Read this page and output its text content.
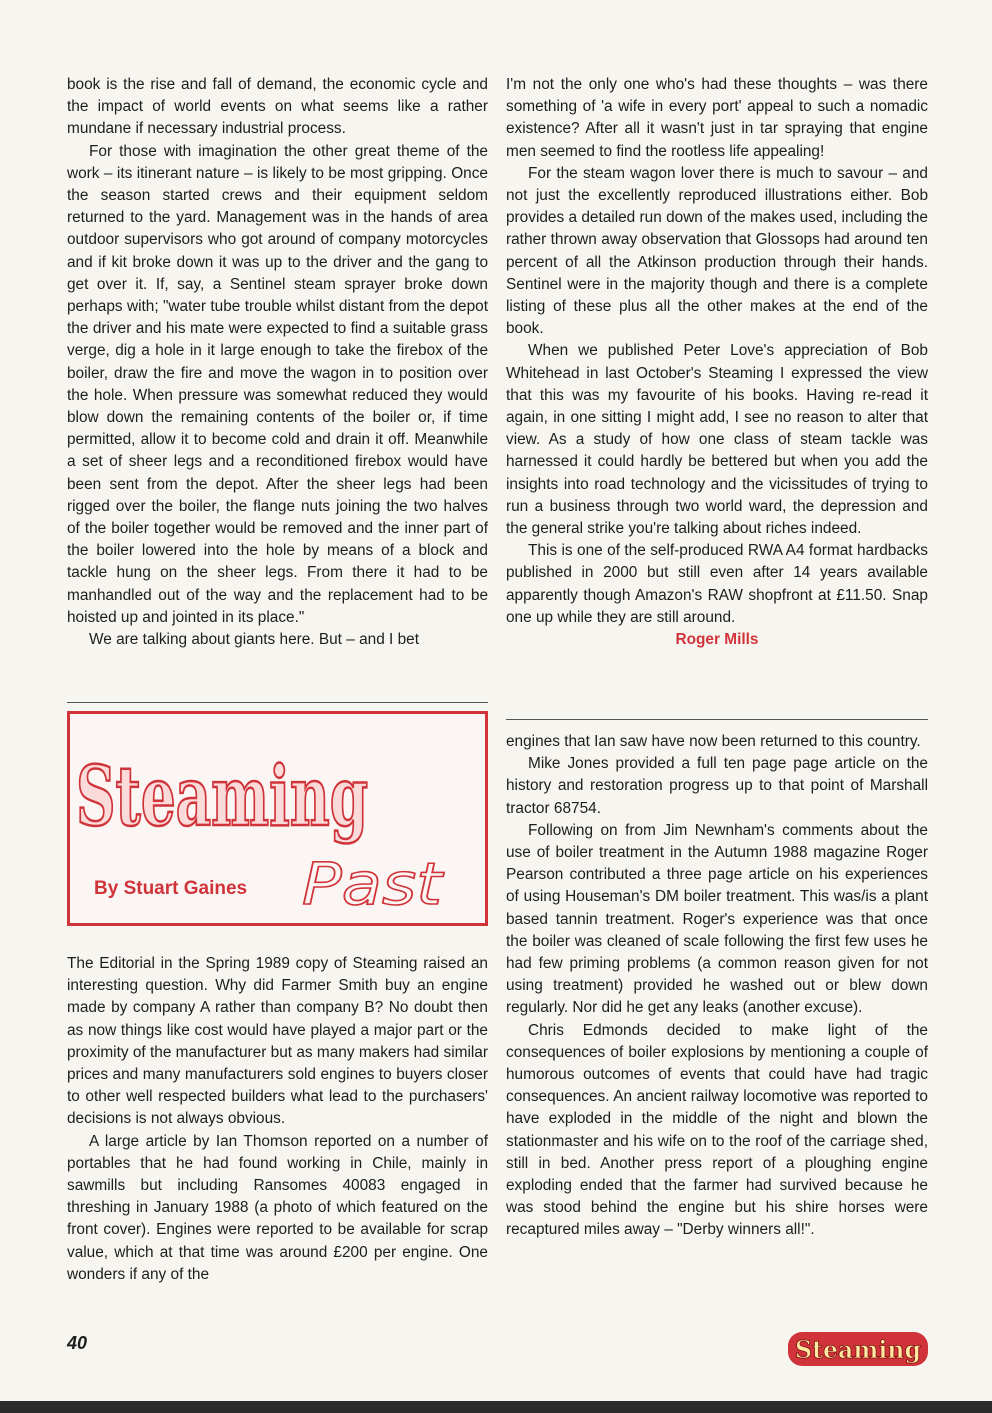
book is the rise and fall of demand, the economic cycle and the impact of world events on what seems like a rather mundane if necessary industrial process.

For those with imagination the other great theme of the work – its itinerant nature – is likely to be most gripping. Once the season started crews and their equipment seldom returned to the yard. Management was in the hands of area outdoor supervisors who got around of company motorcycles and if kit broke down it was up to the driver and the gang to get over it. If, say, a Sentinel steam sprayer broke down perhaps with; "water tube trouble whilst distant from the depot the driver and his mate were expected to find a suitable grass verge, dig a hole in it large enough to take the firebox of the boiler, draw the fire and move the wagon in to position over the hole. When pressure was somewhat reduced they would blow down the remaining contents of the boiler or, if time permitted, allow it to become cold and drain it off. Meanwhile a set of sheer legs and a reconditioned firebox would have been sent from the depot. After the sheer legs had been rigged over the boiler, the flange nuts joining the two halves of the boiler together would be removed and the inner part of the boiler lowered into the hole by means of a block and tackle hung on the sheer legs. From there it had to be manhandled out of the way and the replacement had to be hoisted up and jointed in its place."

We are talking about giants here. But – and I bet

I'm not the only one who's had these thoughts – was there something of 'a wife in every port' appeal to such a nomadic existence? After all it wasn't just in tar spraying that engine men seemed to find the rootless life appealing!

For the steam wagon lover there is much to savour – and not just the excellently reproduced illustrations either. Bob provides a detailed run down of the makes used, including the rather thrown away observation that Glossops had around ten percent of all the Atkinson production through their hands. Sentinel were in the majority though and there is a complete listing of these plus all the other makes at the end of the book.

When we published Peter Love's appreciation of Bob Whitehead in last October's Steaming I expressed the view that this was my favourite of his books. Having re-read it again, in one sitting I might add, I see no reason to alter that view. As a study of how one class of steam tackle was harnessed it could hardly be bettered but when you add the insights into road technology and the vicissitudes of trying to run a business through two world ward, the depression and the general strike you're talking about riches indeed.

This is one of the self-produced RWA A4 format hardbacks published in 2000 but still even after 14 years available apparently though Amazon's RAW shopfront at £11.50. Snap one up while they are still around.

Roger Mills
Steaming
By Stuart Gaines Past

The Editorial in the Spring 1989 copy of Steaming raised an interesting question. Why did Farmer Smith buy an engine made by company A rather than company B? No doubt then as now things like cost would have played a major part or the proximity of the manufacturer but as many makers had similar prices and many manufacturers sold engines to buyers closer to other well respected builders what lead to the purchasers' decisions is not always obvious.

A large article by Ian Thomson reported on a number of portables that he had found working in Chile, mainly in sawmills but including Ransomes 40083 engaged in threshing in January 1988 (a photo of which featured on the front cover). Engines were reported to be available for scrap value, which at that time was around £200 per engine. One wonders if any of the

engines that Ian saw have now been returned to this country.

Mike Jones provided a full ten page page article on the history and restoration progress up to that point of Marshall tractor 68754.

Following on from Jim Newnham's comments about the use of boiler treatment in the Autumn 1988 magazine Roger Pearson contributed a three page article on his experiences of using Houseman's DM boiler treatment. This was/is a plant based tannin treatment. Roger's experience was that once the boiler was cleaned of scale following the first few uses he had few priming problems (a common reason given for not using treatment) provided he washed out or blew down regularly. Nor did he get any leaks (another excuse).

Chris Edmonds decided to make light of the consequences of boiler explosions by mentioning a couple of humorous outcomes of events that could have had tragic consequences. An ancient railway locomotive was reported to have exploded in the middle of the night and blown the stationmaster and his wife on to the roof of the carriage shed, still in bed. Another press report of a ploughing engine exploding ended that the farmer had survived because he was stood behind the engine but his shire horses were recaptured miles away – "Derby winners all!".

40	Steaming
